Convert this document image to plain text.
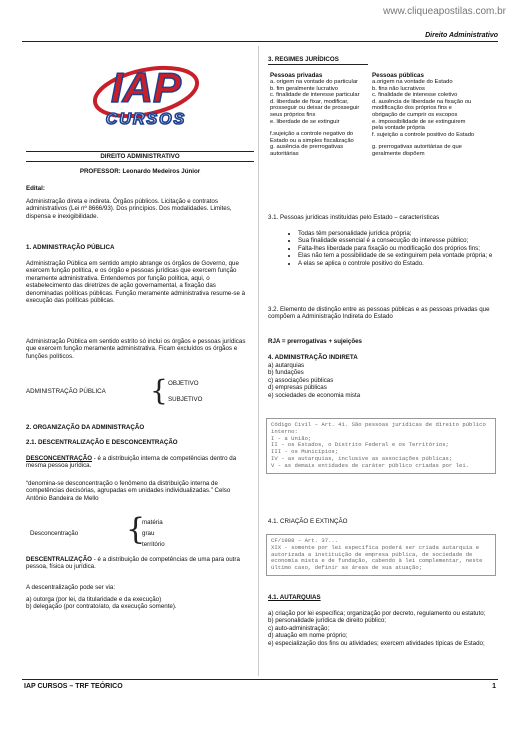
www.cliqueapostilas.com.br
Direito Administrativo
IAP
CURSOS
DIREITO ADMINISTRATIVO
PROFESSOR: Leonardo Medeiros Júnior
Edital:
Administração direta e indireta. Órgãos públicos. Licitação e contratos administrativos (Lei nº 8666/93). Dos princípios. Dos modalidades. Limites, dispensa e inexigibilidade.
1. ADMINISTRAÇÃO PÚBLICA
Administração Pública em sentido amplo abrange os órgãos de Governo, que exercem função política, e os órgão e pessoas jurídicas que exercem função meramente administrativa. Entendemos por função política, aqui, o estabelecimento das diretrizes de ação governamental, a fixação das denominadas políticas públicas. Função meramente administrativa resume-se à execução das políticas públicas.
Administração Pública em sentido estrito só inclui os órgãos e pessoas jurídicas que exercem função meramente administrativa. Ficam excluídos os órgãos e funções políticos.
ADMINISTRAÇÃO PÚBLICA { OBJETIVO
SUBJETIVO
2. ORGANIZAÇÃO DA ADMINISTRAÇÃO
2.1. DESCENTRALIZAÇÃO E DESCONCENTRAÇÃO
DESCONCENTRAÇÃO - é a distribuição interna de competências dentro da mesma pessoa jurídica.
“denomina-se desconcentração o fenômeno da distribuição interna de competências decisórias, agrupadas em unidades individualizadas.” Celso Antônio Bandeira de Mello
Desconcentração {
matéria
grau
território
DESCENTRALIZAÇÃO - é a distribuição de competências de uma para outra pessoa, física ou jurídica.
A descentralização pode ser via:
a) outorga (por lei, da titularidade e da execução)
b) delegação (por contrato/ato, da execução somente).
3. REGIMES JURÍDICOS
Pessoas privadas	Pessoas públicas
a. origem na vontade do particular
b. fim geralmente lucrativo
c. finalidade de interesse particular
d. liberdade de fixar, modificar, prosseguir ou deixar de prosseguir seus próprios fins
e. liberdade de se extinguir
f.sujeição a controle negativo do Estado ou a simples fiscalização
g. ausência de prerrogativas autoritárias
a.origem na vontade do Estado
b. fins não lucrativos
c. finalidade de interesse coletivo
d. ausência de liberdade na fixação ou modificação dos próprios fins e obrigação de cumprir os escopos
e. impossibilidade de se extinguirem pela vontade própria
f. sujeição a controle positivo do Estado
g. prerrogativas autoritárias de que geralmente dispõem
3.1. Pessoas jurídicas instituídas pelo Estado – características
• Todas têm personalidade jurídica própria;
• Sua finalidade essencial é a consecução do interesse público;
• Falta-lhes liberdade para fixação ou modificação dos próprios fins;
• Elas não tem a possibilidade de se extinguirem pela vontade própria; e
• A elas se aplica o controle positivo do Estado.
3.2. Elemento de distinção entre as pessoas públicas e as pessoas privadas que compõem a Administração Indireta do Estado
RJA = prerrogativas + sujeições
4. ADMINISTRAÇÃO INDIRETA
a) autarquias
b) fundações
c) associações públicas
d) empresas públicas
e) sociedades de economia mista
Código Civil – Art. 41. São pessoas jurídicas de direito público interno:
I - a União;
II - os Estados, o Distrito Federal e os Territórios;
III - os Municípios;
IV - as autarquias, inclusive as associações públicas;
V - as demais entidades de caráter público criadas por lei.
4.1. CRIAÇÃO E EXTINÇÃO
CF/1988 – Art. 37...
XIX - somente por lei específica poderá ser criada autarquia e autorizada a instituição de empresa pública, de sociedade de economia mista e de fundação, cabendo à lei complementar, neste último caso, definir as áreas de sua atuação;
4.1. AUTARQUIAS
a) criação por lei específica; organização por decreto, regulamento ou estatuto;
b) personalidade jurídica de direito público;
c) auto-administração;
d) atuação em nome próprio;
e) especialização dos fins ou atividades; exercem atividades típicas de Estado;
IAP CURSOS – TRF TEÓRICO	1
